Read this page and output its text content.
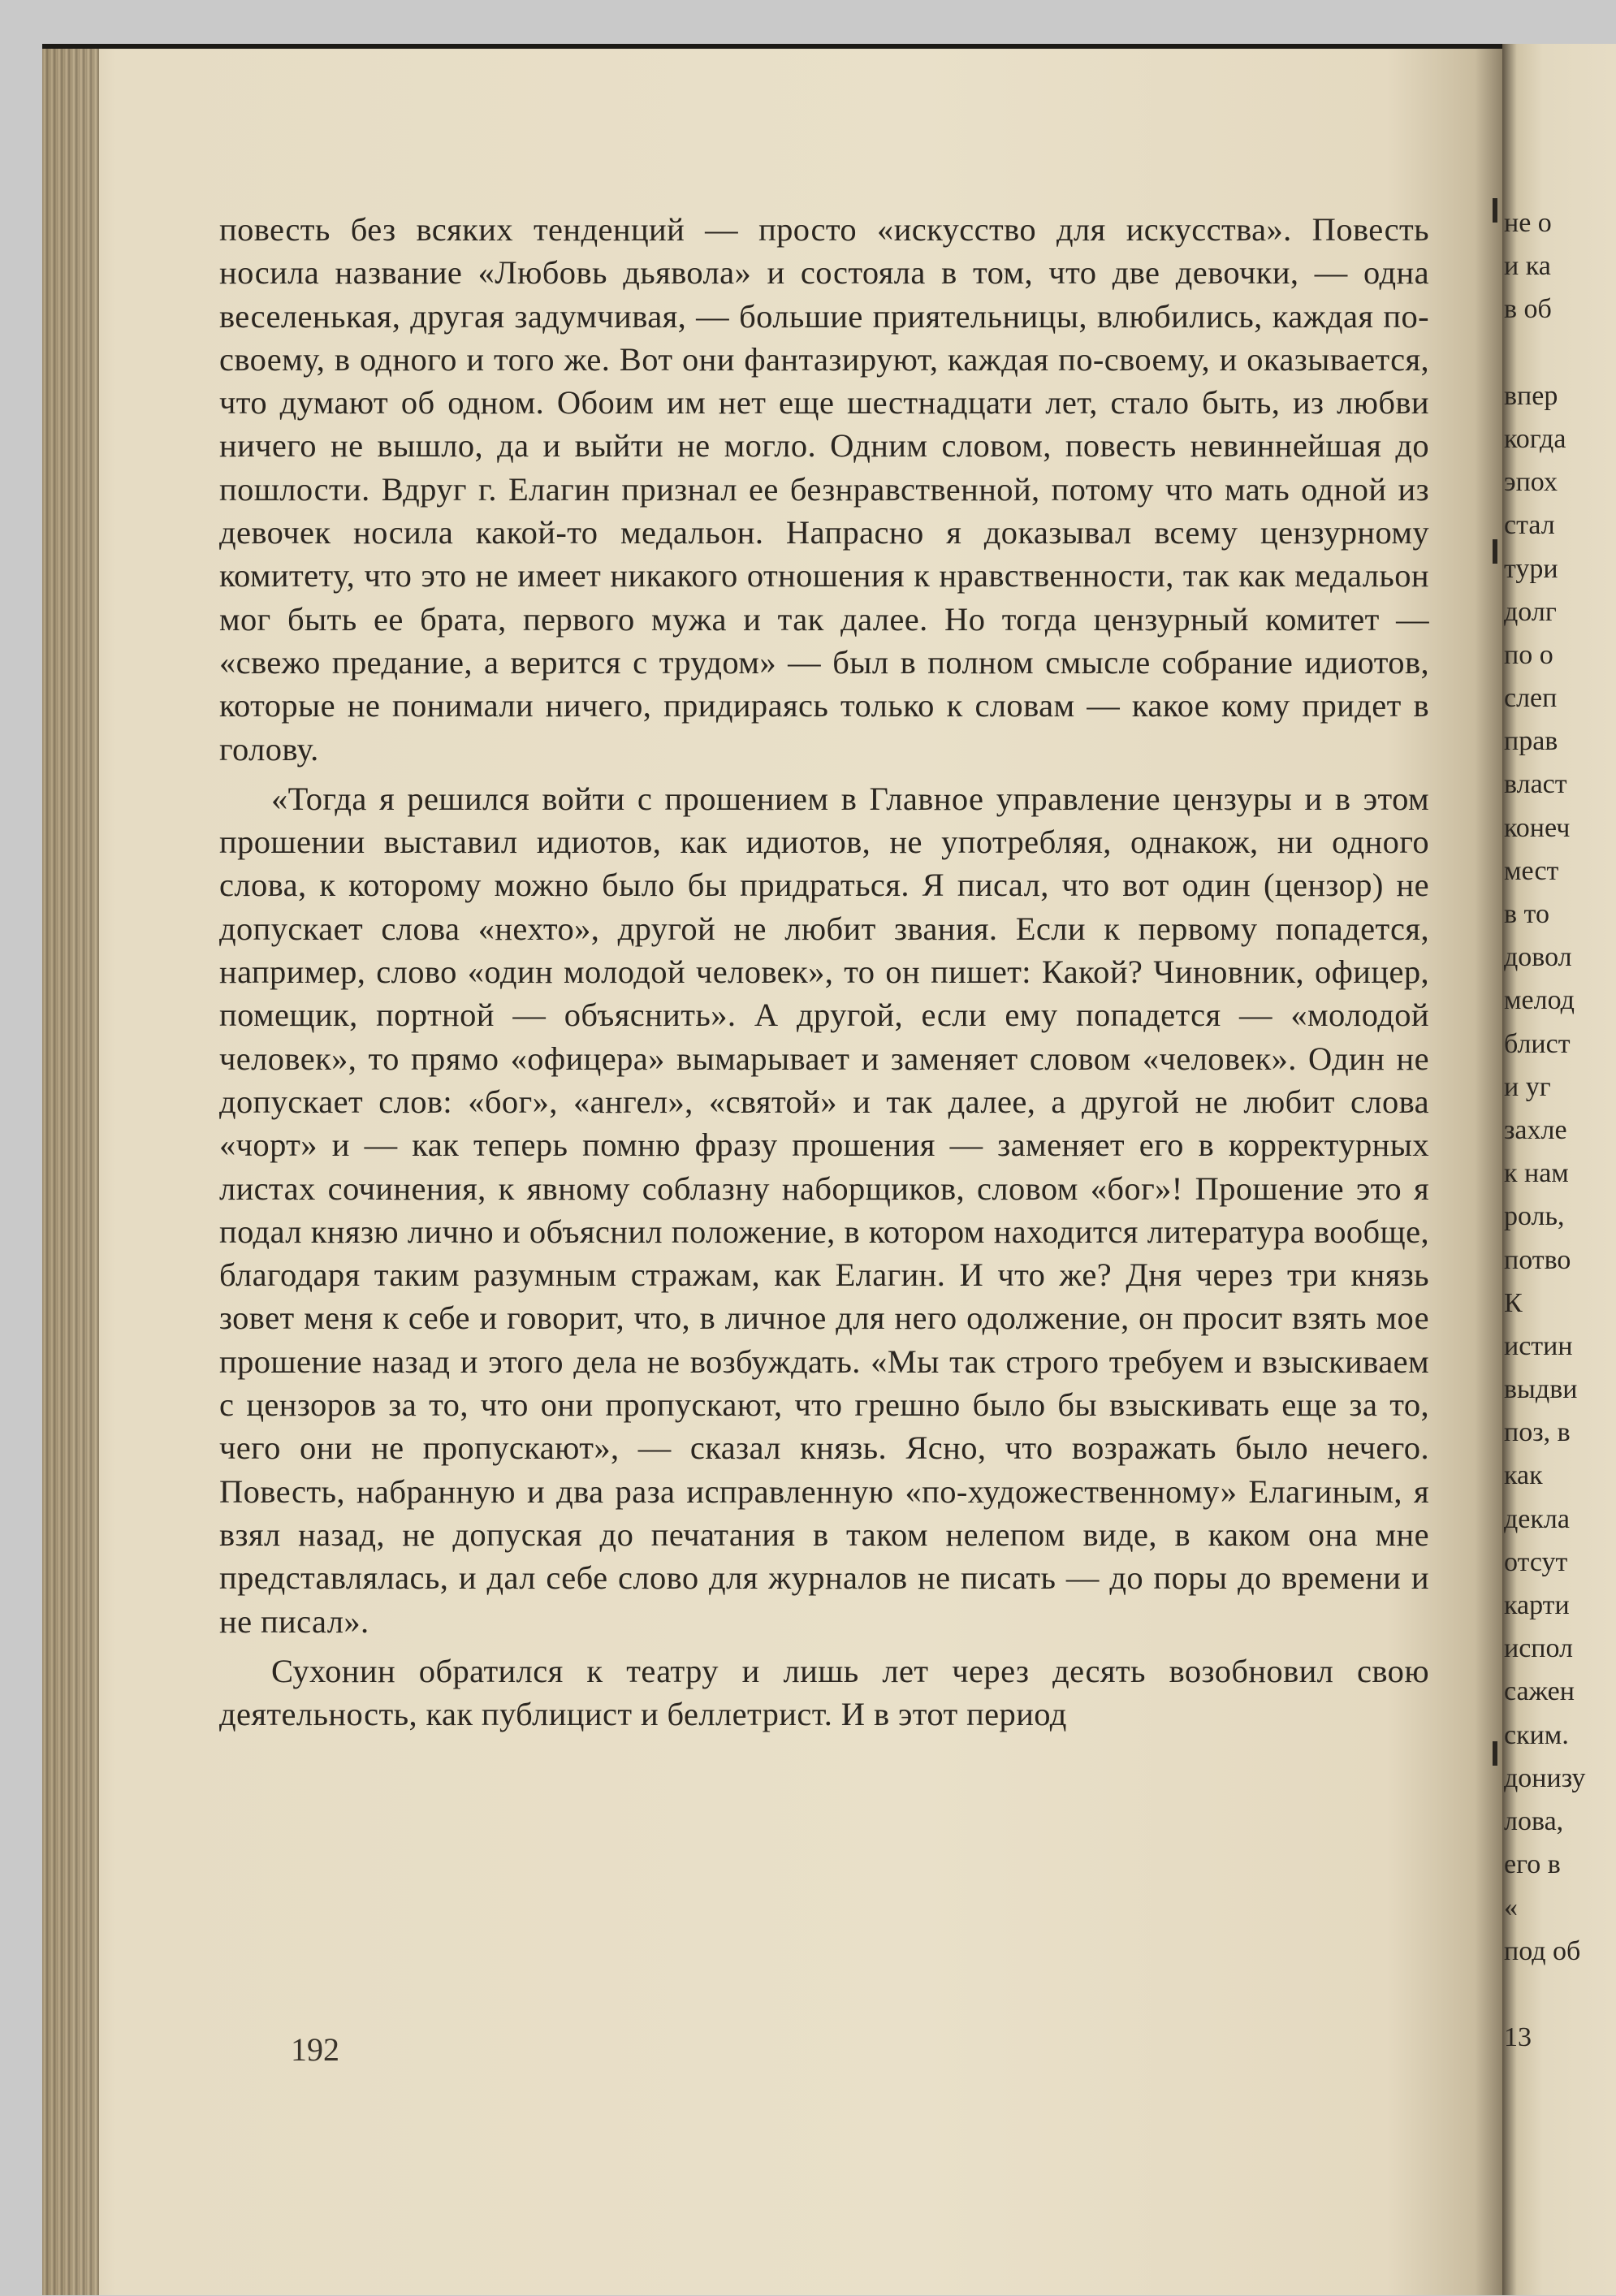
повесть без всяких тенденций — просто «искусство для искусства». Повесть носила название «Любовь дьявола» и состояла в том, что две девочки, — одна веселенькая, другая задумчивая, — большие приятельницы, влюбились, каждая по-своему, в одного и того же. Вот они фантазируют, каждая по-своему, и оказывается, что думают об одном. Обоим им нет еще шестнадцати лет, стало быть, из любви ничего не вышло, да и выйти не могло. Одним словом, повесть невиннейшая до пошлости. Вдруг г. Елагин признал ее безнравственной, потому что мать одной из девочек носила какой-то медальон. Напрасно я доказывал всему цензурному комитету, что это не имеет никакого отношения к нравственности, так как медальон мог быть ее брата, первого мужа и так далее. Но тогда цензурный комитет — «свежо предание, а верится с трудом» — был в полном смысле собрание идиотов, которые не понимали ничего, придираясь только к словам — какое кому придет в голову.

«Тогда я решился войти с прошением в Главное управление цензуры и в этом прошении выставил идиотов, как идиотов, не употребляя, однакож, ни одного слова, к которому можно было бы придраться. Я писал, что вот один (цензор) не допускает слова «нехто», другой не любит звания. Если к первому попадется, например, слово «один молодой человек», то он пишет: Какой? Чиновник, офицер, помещик, портной — объяснить». А другой, если ему попадется — «молодой человек», то прямо «офицера» вымарывает и заменяет словом «человек». Один не допускает слов: «бог», «ангел», «святой» и так далее, а другой не любит слова «чорт» и — как теперь помню фразу прошения — заменяет его в корректурных листах сочинения, к явному соблазну наборщиков, словом «бог»! Прошение это я подал князю лично и объяснил положение, в котором находится литература вообще, благодаря таким разумным стражам, как Елагин. И что же? Дня через три князь зовет меня к себе и говорит, что, в личное для него одолжение, он просит взять мое прошение назад и этого дела не возбуждать. «Мы так строго требуем и взыскиваем с цензоров за то, что они пропускают, что грешно было бы взыскивать еще за то, чего они не пропускают», — сказал князь. Ясно, что возражать было нечего. Повесть, набранную и два раза исправленную «по-художественному» Елагиным, я взял назад, не допуская до печатания в таком нелепом виде, в каком она мне представлялась, и дал себе слово для журналов не писать — до поры до времени и не писал».

Сухонин обратился к театру и лишь лет через десять возобновил свою деятельность, как публицист и беллетрист. И в этот период

192
не о
и ка
в об
впер
когда
эпох
стал
тури
долг
по о
слеп
прав
власт
конеч
мест
в то
довол
мелод
блист
и уг
захле
к нам
роль,
потво
К
истин
выдви
поз, в
как
декла
отсут
карти
испол
сажен
ским.
донизу
лова,
его в
«
под об
13
